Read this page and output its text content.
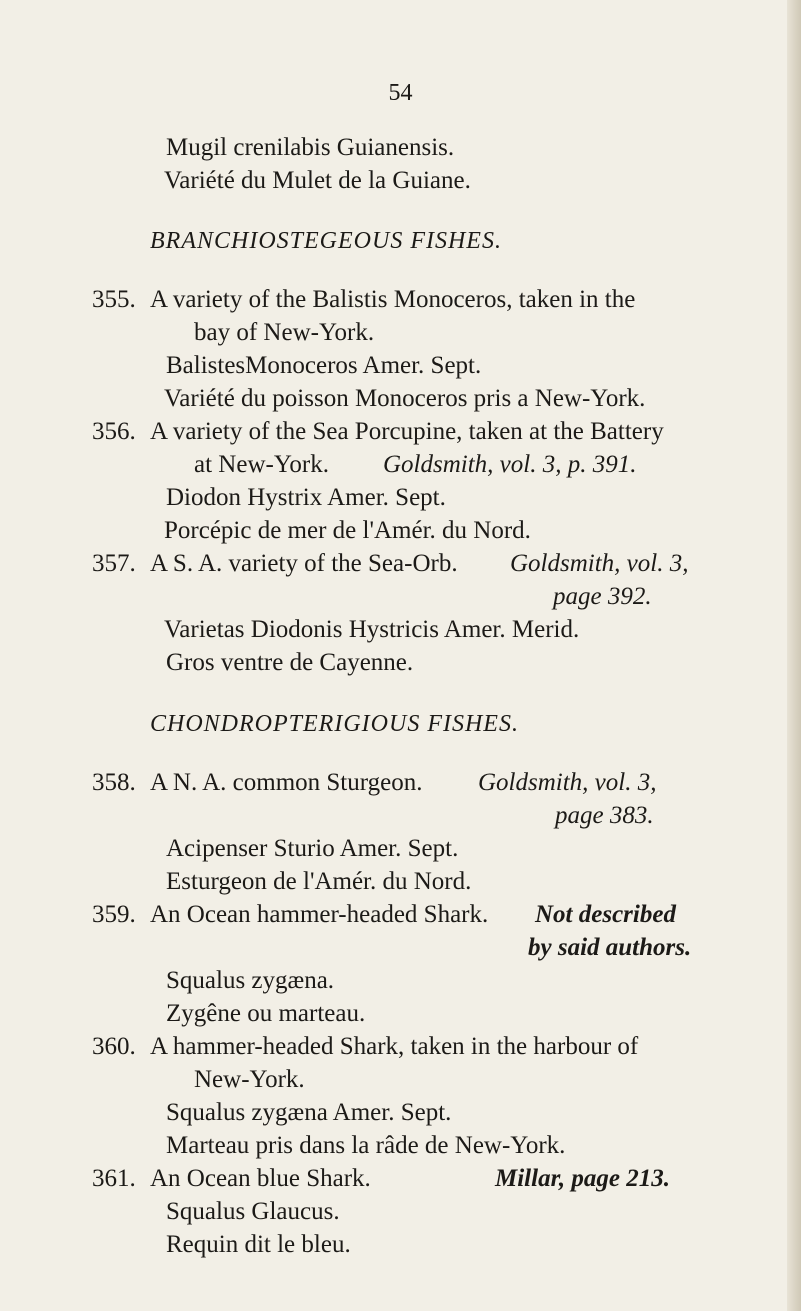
54
Mugil crenilabis Guianensis.
Variété du Mulet de la Guiane.
BRANCHIOSTEGEOUS FISHES.
355. A variety of the Balistis Monoceros, taken in the
bay of New-York.
BalistesMonoceros Amer. Sept.
Variété du poisson Monoceros pris a New-York.
356. A variety of the Sea Porcupine, taken at the Battery
at New-York. Goldsmith, vol. 3, p. 391.
Diodon Hystrix Amer. Sept.
Porcépic de mer de l'Amér. du Nord.
357. A S. A. variety of the Sea-Orb. Goldsmith, vol. 3,
page 392.
Varietas Diodonis Hystricis Amer. Merid.
Gros ventre de Cayenne.
CHONDROPTERIGIOUS FISHES.
358. A N. A. common Sturgeon. Goldsmith, vol. 3,
page 383.
Acipenser Sturio Amer. Sept.
Esturgeon de l'Amér. du Nord.
359. An Ocean hammer-headed Shark. Not described
by said authors.
Squalus zygæna.
Zygêne ou marteau.
360. A hammer-headed Shark, taken in the harbour of
New-York.
Squalus zygæna Amer. Sept.
Marteau pris dans la râde de New-York.
361. An Ocean blue Shark.	Millar, page 213.
Squalus Glaucus.
Requin dit le bleu.
